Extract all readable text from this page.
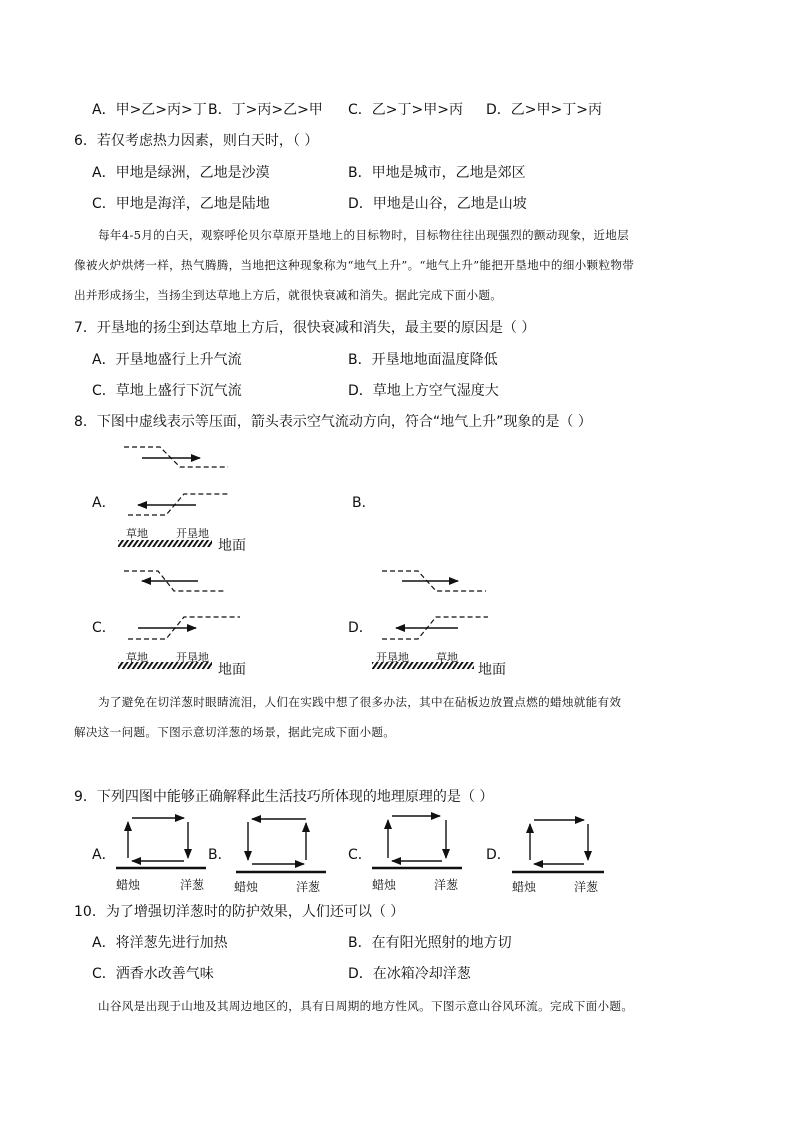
A．甲>乙>丙>丁 B．丁>丙>乙>甲 C．乙>丁>甲>丙 D．乙>甲>丁>丙
6．若仅考虑热力因素，则白天时，（ ）
A．甲地是绿洲，乙地是沙漠	B．甲地是城市，乙地是郊区
C．甲地是海洋，乙地是陆地	D．甲地是山谷，乙地是山坡
每年4-5月的白天，观察呼伦贝尔草原开垦地上的目标物时，目标物往往出现强烈的颤动现象，近地层
像被火炉烘烤一样，热气腾腾，当地把这种现象称为“地气上升”。“地气上升”能把开垦地中的细小颗粒物带
出并形成扬尘，当扬尘到达草地上方后，就很快衰减和消失。据此完成下面小题。
7．开垦地的扬尘到达草地上方后，很快衰减和消失，最主要的原因是（ ）
A．开垦地盛行上升气流	B．开垦地地面温度降低
C．草地上盛行下沉气流	D．草地上方空气湿度大
8．下图中虚线表示等压面，箭头表示空气流动方向，符合“地气上升”现象的是（ ）
A．	B．
C．	D．
草地	开垦地
地面
草地	开垦地
地面
开垦地 草地
地面
为了避免在切洋葱时眼睛流泪，人们在实践中想了很多办法，其中在砧板边放置点燃的蜡烛就能有效
解决这一问题。下图示意切洋葱的场景，据此完成下面小题。
9．下列四图中能够正确解释此生活技巧所体现的地理原理的是（ ）
A．	B．	C．	D．
蜡烛	洋葱 蜡烛	洋葱	蜡烛	洋葱	蜡烛	洋葱
10．为了增强切洋葱时的防护效果，人们还可以（ ）
A．将洋葱先进行加热	B．在有阳光照射的地方切
C．洒香水改善气味	D．在冰箱冷却洋葱
山谷风是出现于山地及其周边地区的，具有日周期的地方性风。下图示意山谷风环流。完成下面小题。
